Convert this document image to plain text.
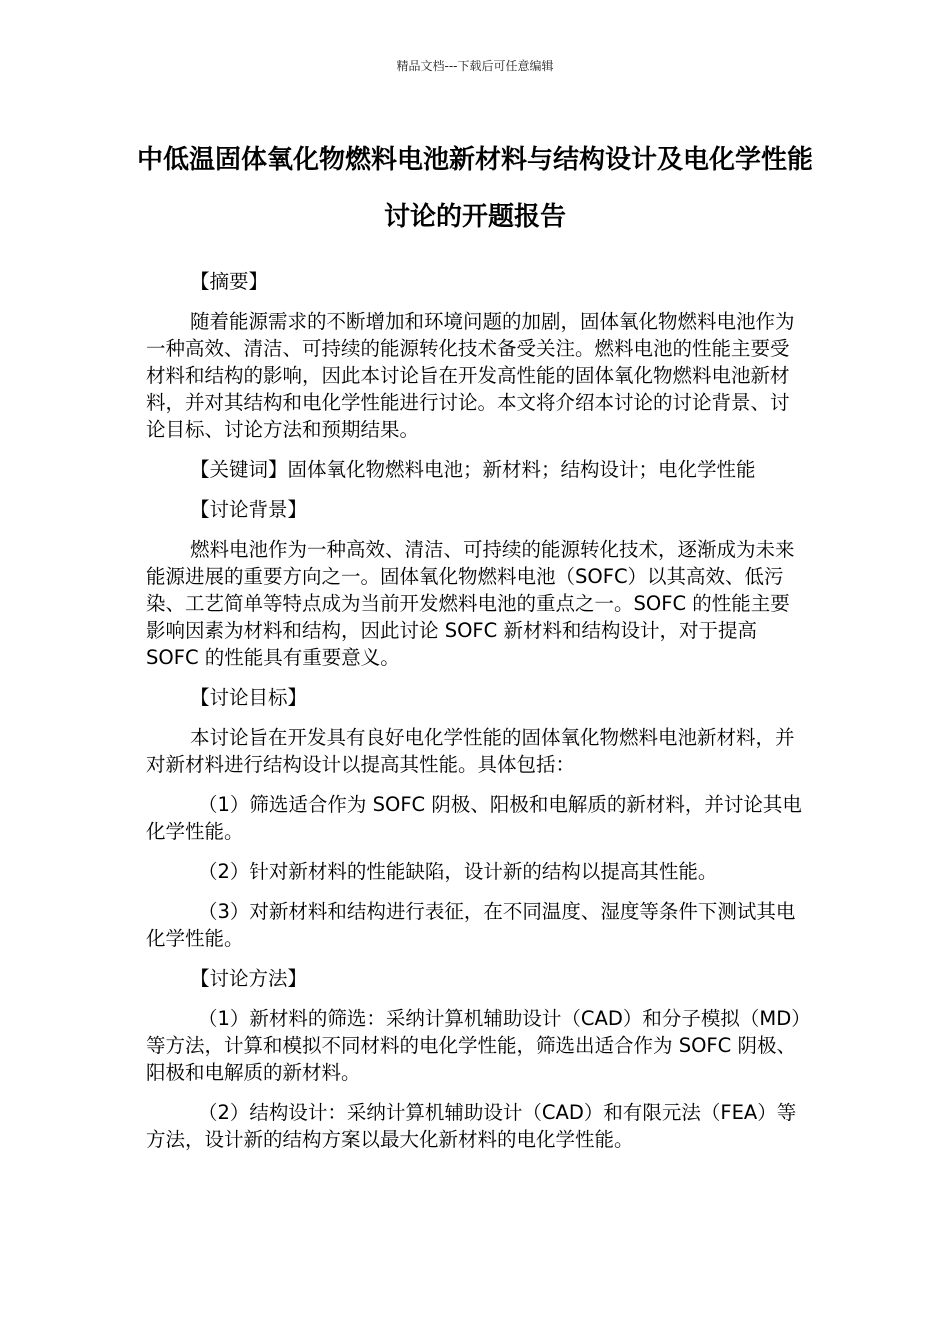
精品文档---下载后可任意编辑
中低温固体氧化物燃料电池新材料与结构设计及电化学性能讨论的开题报告

【摘要】

随着能源需求的不断增加和环境问题的加剧，固体氧化物燃料电池作为一种高效、清洁、可持续的能源转化技术备受关注。燃料电池的性能主要受材料和结构的影响，因此本讨论旨在开发高性能的固体氧化物燃料电池新材料，并对其结构和电化学性能进行讨论。本文将介绍本讨论的讨论背景、讨论目标、讨论方法和预期结果。

【关键词】固体氧化物燃料电池；新材料；结构设计；电化学性能

【讨论背景】

燃料电池作为一种高效、清洁、可持续的能源转化技术，逐渐成为未来能源进展的重要方向之一。固体氧化物燃料电池（SOFC）以其高效、低污染、工艺简单等特点成为当前开发燃料电池的重点之一。SOFC 的性能主要影响因素为材料和结构，因此讨论 SOFC 新材料和结构设计，对于提高 SOFC 的性能具有重要意义。

【讨论目标】

本讨论旨在开发具有良好电化学性能的固体氧化物燃料电池新材料，并对新材料进行结构设计以提高其性能。具体包括：

（1）筛选适合作为 SOFC 阴极、阳极和电解质的新材料，并讨论其电化学性能。

（2）针对新材料的性能缺陷，设计新的结构以提高其性能。

（3）对新材料和结构进行表征，在不同温度、湿度等条件下测试其电化学性能。

【讨论方法】

（1）新材料的筛选：采纳计算机辅助设计（CAD）和分子模拟（MD）等方法，计算和模拟不同材料的电化学性能，筛选出适合作为 SOFC 阴极、阳极和电解质的新材料。

（2）结构设计：采纳计算机辅助设计（CAD）和有限元法（FEA）等方法，设计新的结构方案以最大化新材料的电化学性能。
